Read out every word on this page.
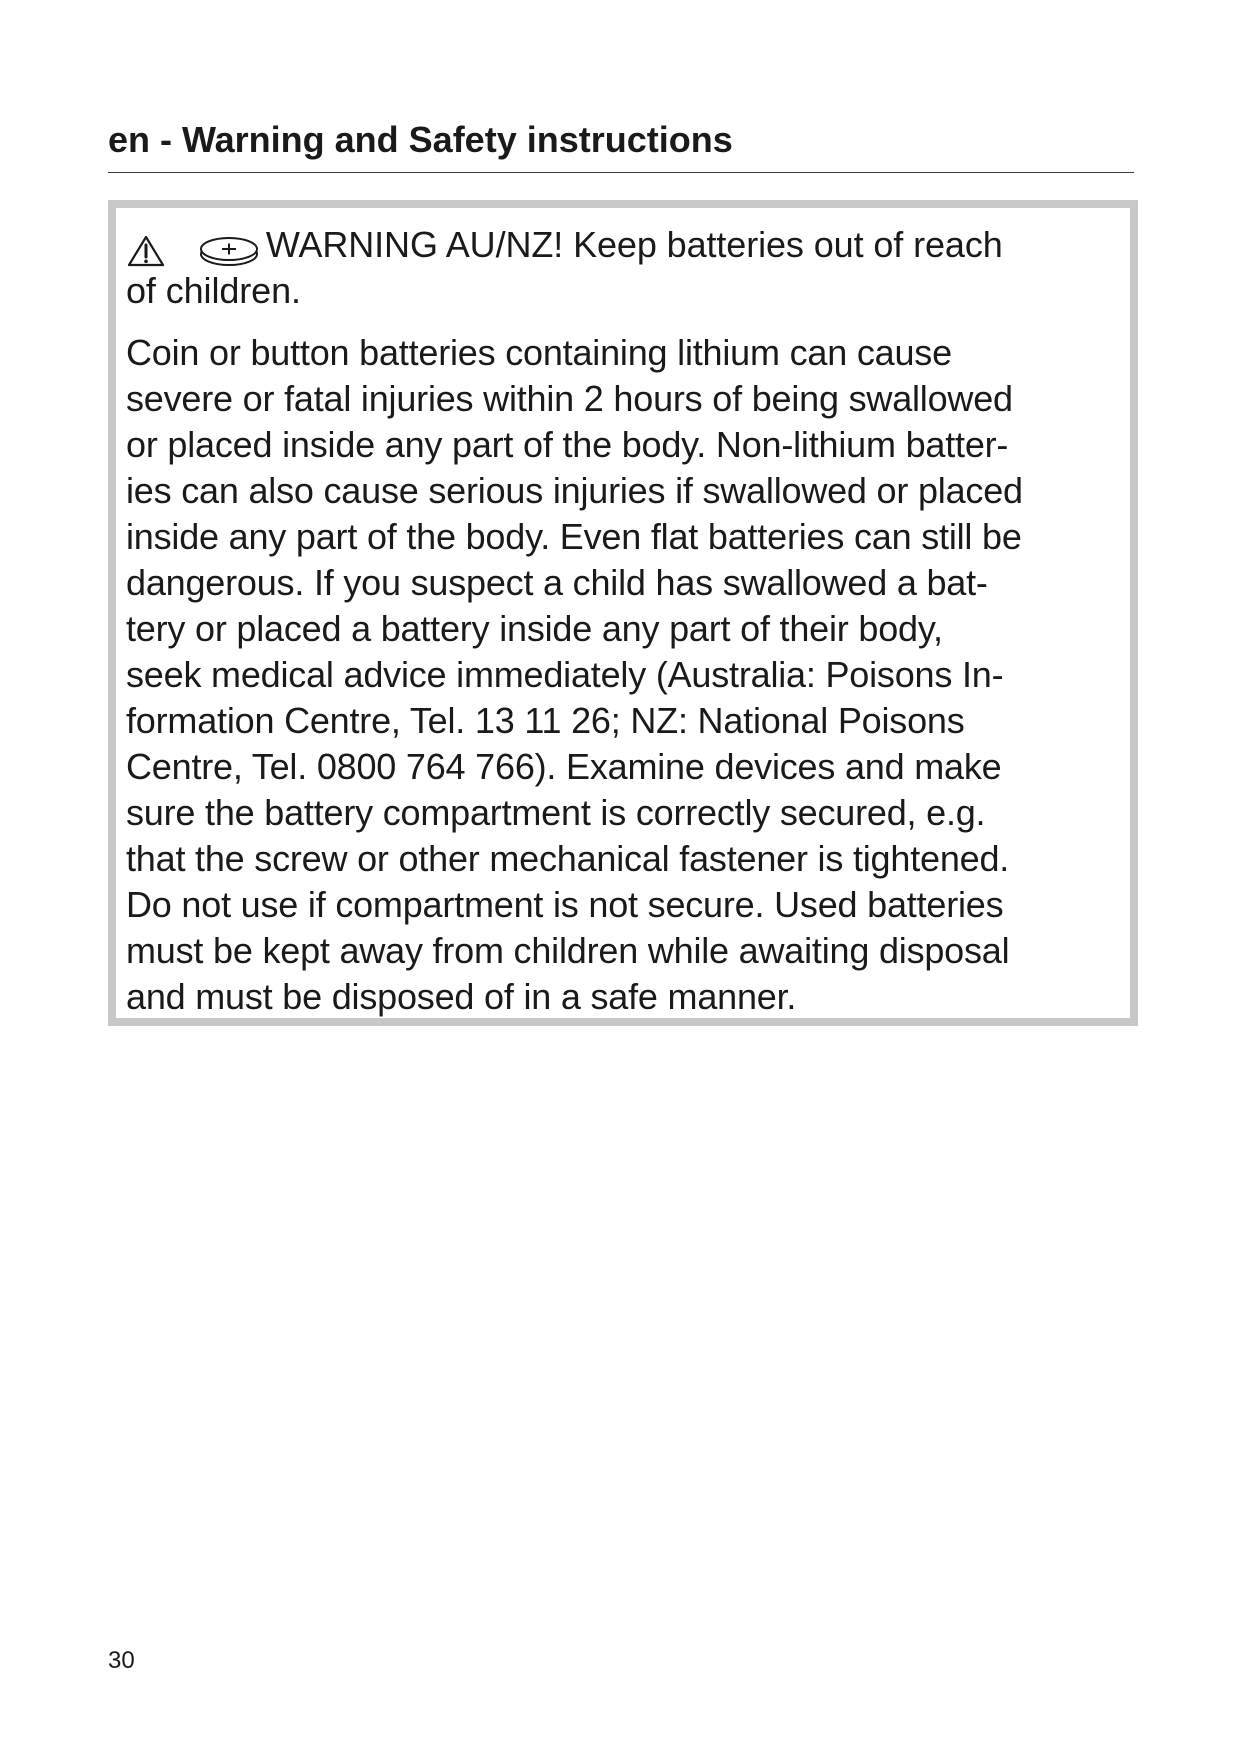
en - Warning and Safety instructions

WARNING AU/NZ! Keep batteries out of reach
of children.

Coin or button batteries containing lithium can cause
severe or fatal injuries within 2 hours of being swallowed
or placed inside any part of the body. Non-lithium batter-
ies can also cause serious injuries if swallowed or placed
inside any part of the body. Even flat batteries can still be
dangerous. If you suspect a child has swallowed a bat-
tery or placed a battery inside any part of their body,
seek medical advice immediately (Australia: Poisons In-
formation Centre, Tel. 13 11 26; NZ: National Poisons
Centre, Tel. 0800 764 766). Examine devices and make
sure the battery compartment is correctly secured, e.g.
that the screw or other mechanical fastener is tightened.
Do not use if compartment is not secure. Used batteries
must be kept away from children while awaiting disposal
and must be disposed of in a safe manner.

30
